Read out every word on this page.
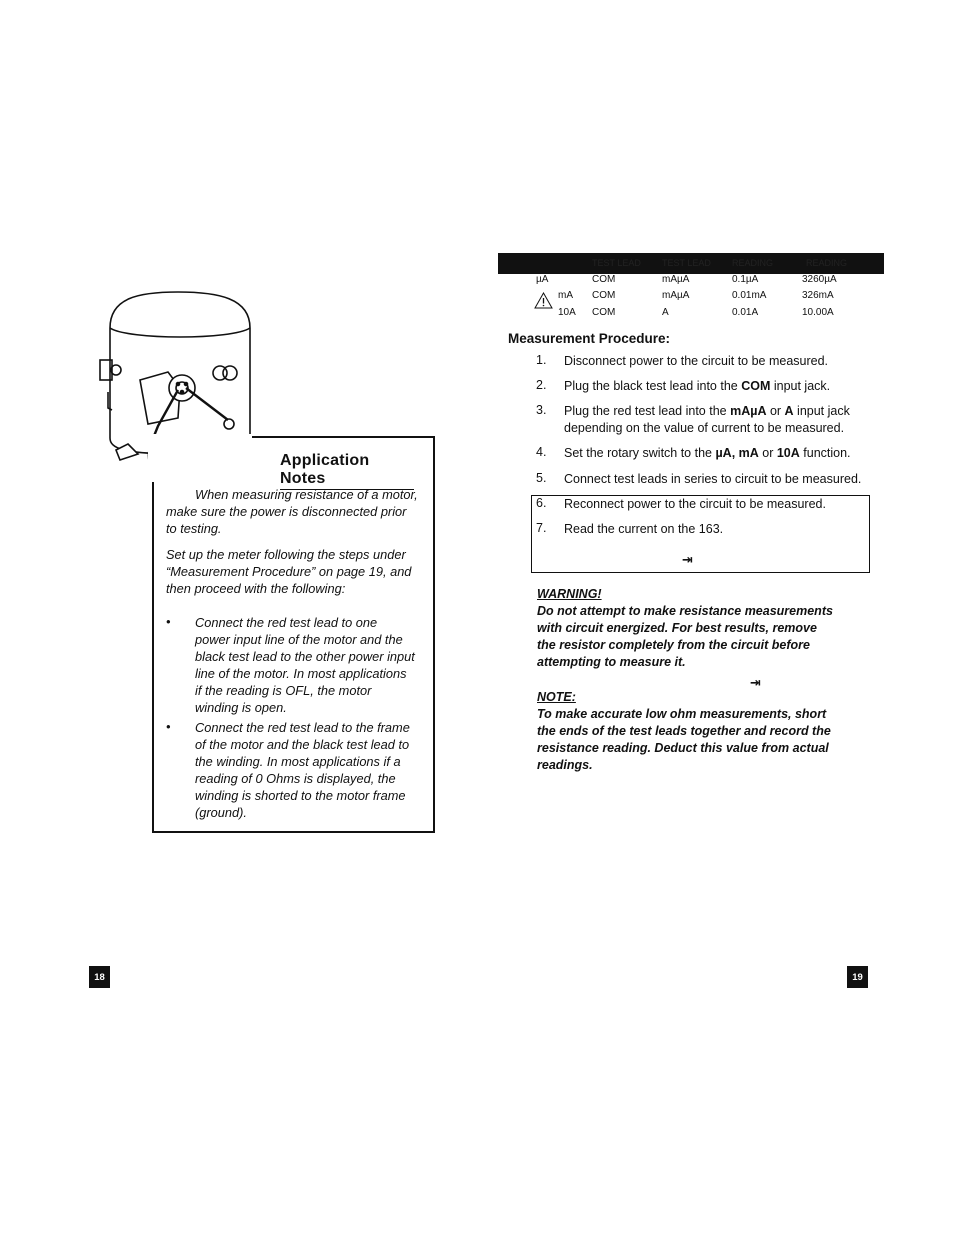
Application Notes
When measuring resistance of a motor, make sure the power is disconnected prior to testing.
Set up the meter following the steps under “Measurement Procedure” on page 19, and then proceed with the following:
• Connect the red test lead to one power input line of the motor and the black test lead to the other power input line of the motor. In most applications if the reading is OFL, the motor winding is open.
• Connect the red test lead to the frame of the motor and the black test lead to the winding. In most applications if a reading of 0 Ohms is displayed, the winding is shorted to the motor frame (ground).
18
TEST LEAD TEST LEAD READING	READING
µA	COM	mAµA	0.1µA	3260µA
mA COM	mAµA	0.01mA	326mA
10A COM	A	0.01A	10.00A
Measurement Procedure:
1. Disconnect power to the circuit to be measured.
2. Plug the black test lead into the COM input jack.
3. Plug the red test lead into the mAµA or A input jack depending on the value of current to be measured.
4. Set the rotary switch to the µA, mA or 10A function.
5. Connect test leads in series to circuit to be measured.
6. Reconnect power to the circuit to be measured.
7. Read the current on the 163.
⇥
WARNING!
Do not attempt to make resistance measurements with circuit energized. For best results, remove the resistor completely from the circuit before attempting to measure it.
⇥
NOTE:
To make accurate low ohm measurements, short the ends of the test leads together and record the resistance reading. Deduct this value from actual readings.
19
